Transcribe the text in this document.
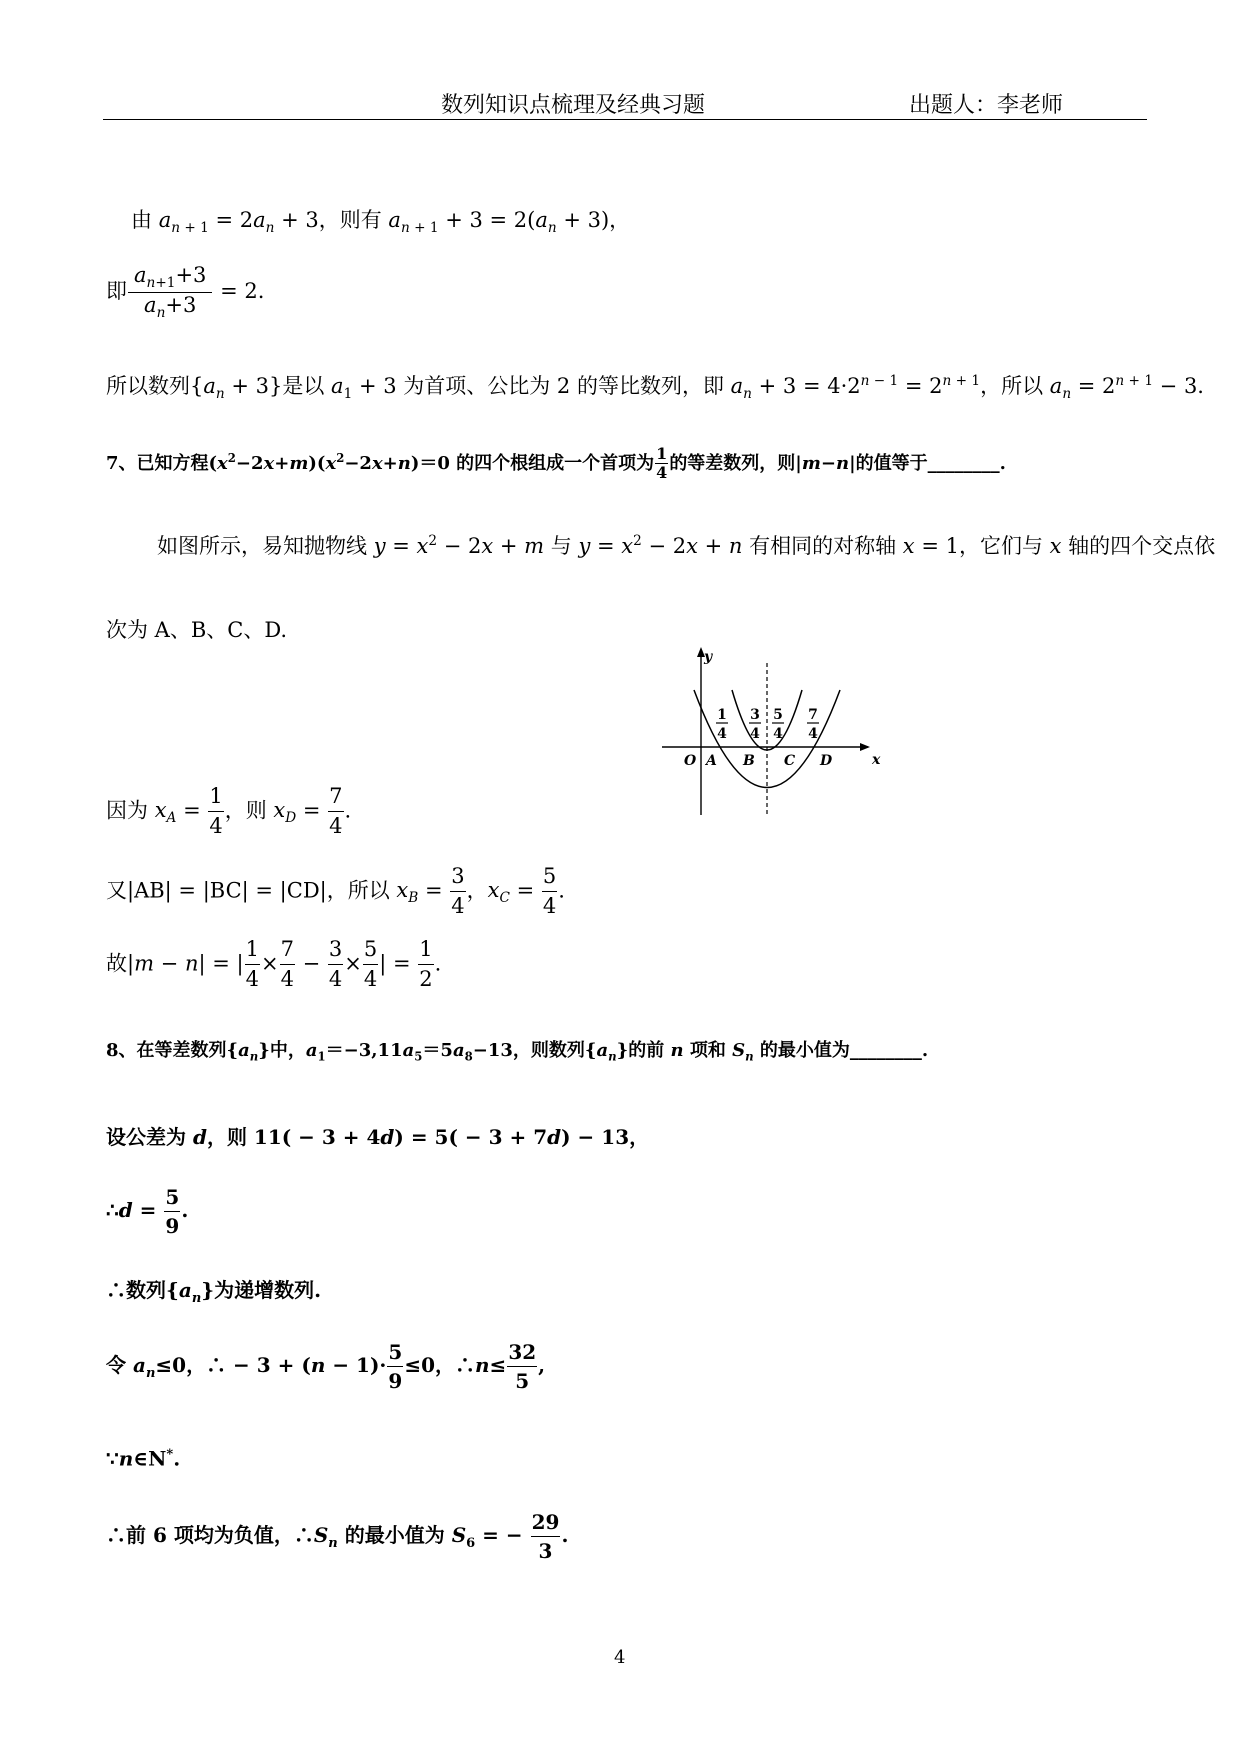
数列知识点梳理及经典习题	出题人：李老师
由 $a_{n + 1} = 2a_n + 3$，则有 $a_{n + 1} + 3 = 2(a_n + 3)$，
即 $\frac{a_{n+1}+3}{a_n+3} = 2$.
所以数列$\{a_n + 3\}$是以 $a_1 + 3$ 为首项、公比为 2 的等比数列，即 $a_n + 3 = 4\cdot 2^{n - 1} = 2^{n + 1}$，所以 $a_n = 2^{n + 1} - 3$.
7、已知方程$(x^2-2x+m)(x^2-2x+n)=0$ 的四个根组成一个首项为 $\frac{1}{4}$ 的等差数列，则|m−n|的值等于________.
如图所示，易知抛物线 $y = x^2 - 2x + m$ 与 $y = x^2 - 2x + n$ 有相同的对称轴 x = 1，它们与 x 轴的四个交点依
次为 A、B、C、D.
y
x
O A B C D
1
4
3
4
5
4
7
4
因为 $x_A = \frac{1}{4}$ ，则 $x_D = \frac{7}{4}$ .
又|AB| = |BC| = |CD|，所以 $x_B = \frac{3}{4}$ ，$x_C = \frac{5}{4}$ .
故|m − n| = | $\frac{1}{4} \times \frac{7}{4} - \frac{3}{4} \times \frac{5}{4}$ | = $\frac{1}{2}$ .
8、在等差数列$\{a_n\}$中，$a_1=-3,11a_5=5a_8-13$，则数列$\{a_n\}$的前 n 项和 $S_n$ 的最小值为________.
设公差为 d，则 11( − 3 + 4d) = 5( − 3 + 7d) − 13，
∴d = $\frac{5}{9}$ .
∴数列$\{a_n\}$为递增数列.
令 $a_n\le 0$，∴ − $3 + (n - 1)\cdot \frac{5}{9} \le 0$，∴n≤ $\frac{32}{5}$ ,
∵n∈N*.
∴前 6 项均为负值，$\therefore S_n$ 的最小值为 $S_6$ = − $\frac{29}{3}$ .
4
